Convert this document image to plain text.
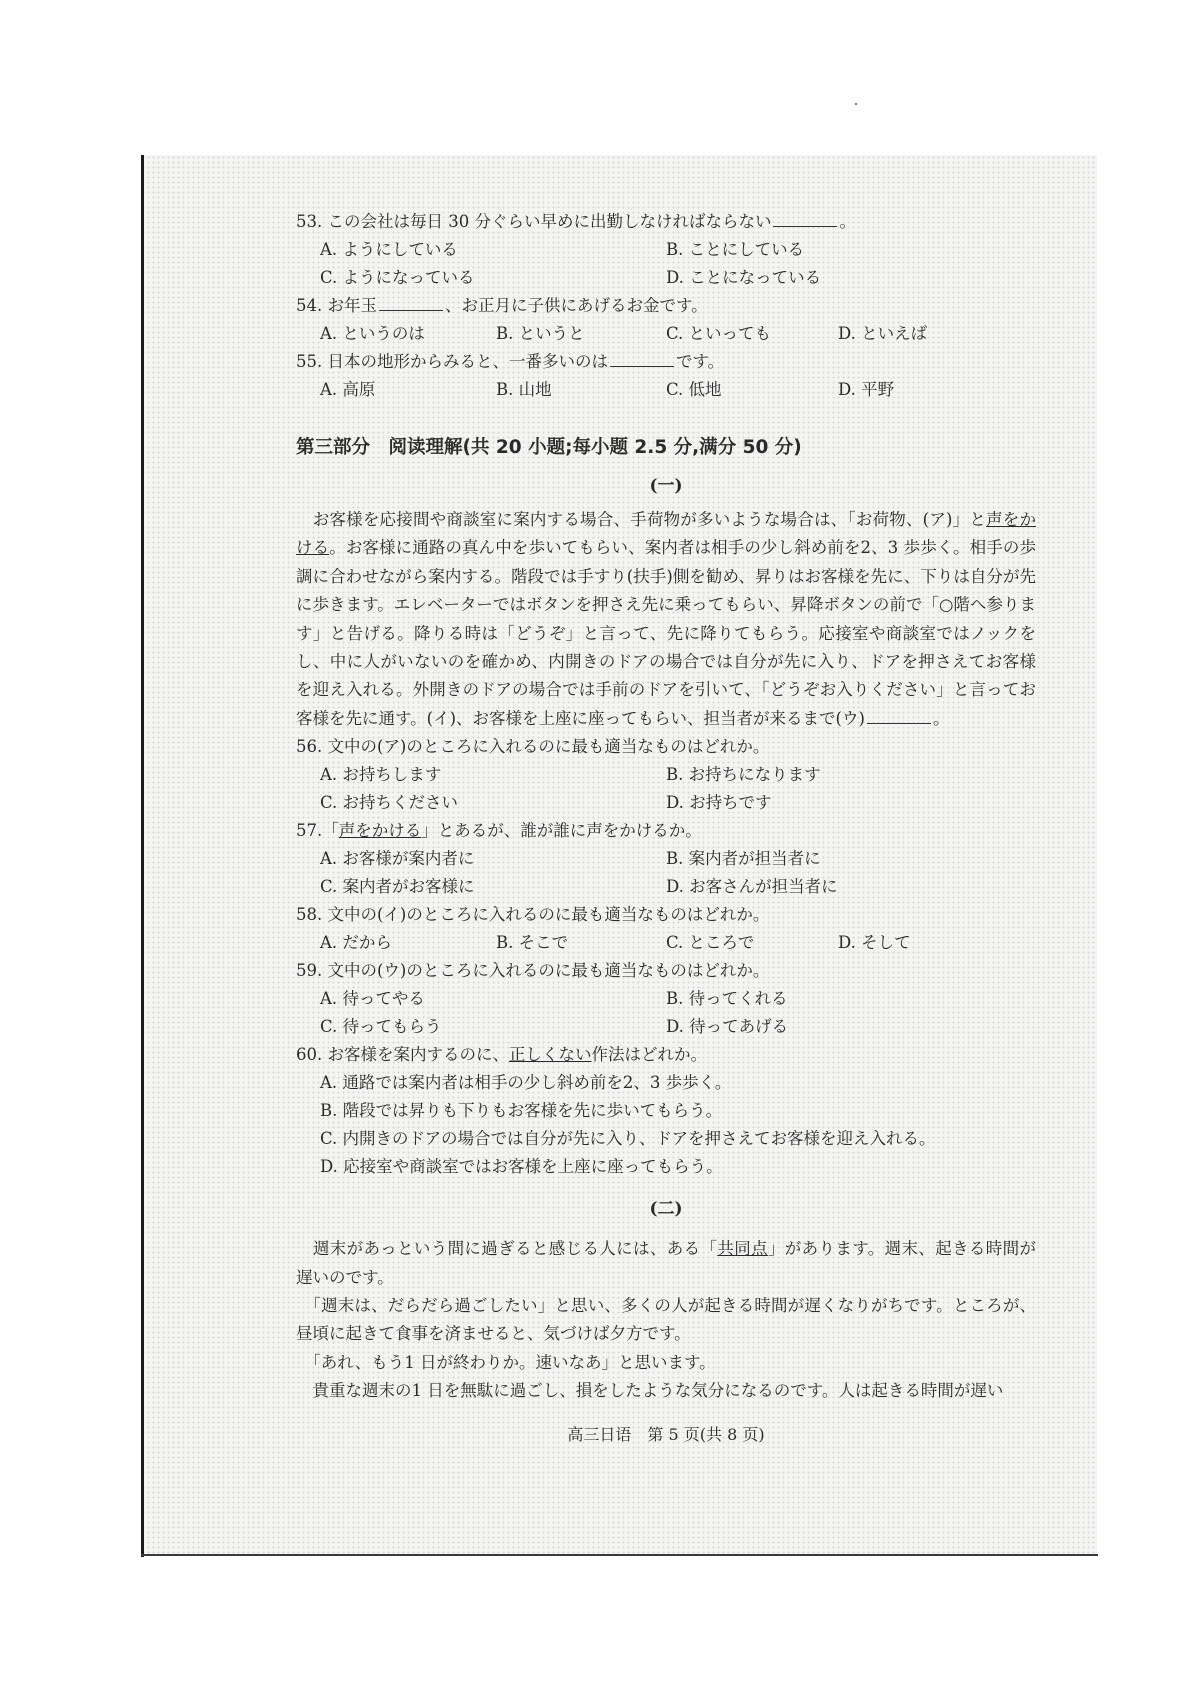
53. この会社は毎日 30 分ぐらい早めに出勤しなければならない	。
A. ようにしている	B. ことにしている
C. ようになっている	D. ことになっている
54. お年玉	、お正月に子供にあげるお金です。
A. というのは	B. というと	C. といっても	D. といえば
55. 日本の地形からみると、一番多いのは	です。
A. 高原	B. 山地	C. 低地	D. 平野
第三部分　阅读理解(共 20 小题;每小题 2.5 分,满分 50 分)
(一)
　お客様を応接間や商談室に案内する場合、手荷物が多いような場合は、「お荷物、(ア)」と声をかける。お客様に通路の真ん中を歩いてもらい、案内者は相手の少し斜め前を2、3 歩歩く。相手の歩調に合わせながら案内する。階段では手すり(扶手)側を勧め、昇りはお客様を先に、下りは自分が先に歩きます。エレベーターではボタンを押さえ先に乗ってもらい、昇降ボタンの前で「○階へ参ります」と告げる。降りる時は「どうぞ」と言って、先に降りてもらう。応接室や商談室ではノックをし、中に人がいないのを確かめ、内開きのドアの場合では自分が先に入り、ドアを押さえてお客様を迎え入れる。外開きのドアの場合では手前のドアを引いて、「どうぞお入りください」と言ってお客様を先に通す。(イ)、お客様を上座に座ってもらい、担当者が来るまで(ウ)	。
56. 文中の(ア)のところに入れるのに最も適当なものはどれか。
A. お持ちします	B. お持ちになります
C. お持ちください	D. お持ちです
57.「声をかける」とあるが、誰が誰に声をかけるか。
A. お客様が案内者に	B. 案内者が担当者に
C. 案内者がお客様に	D. お客さんが担当者に
58. 文中の(イ)のところに入れるのに最も適当なものはどれか。
A. だから	B. そこで	C. ところで	D. そして
59. 文中の(ウ)のところに入れるのに最も適当なものはどれか。
A. 待ってやる	B. 待ってくれる
C. 待ってもらう	D. 待ってあげる
60. お客様を案内するのに、正しくない作法はどれか。
A. 通路では案内者は相手の少し斜め前を2、3 歩歩く。
B. 階段では昇りも下りもお客様を先に歩いてもらう。
C. 内開きのドアの場合では自分が先に入り、ドアを押さえてお客様を迎え入れる。
D. 応接室や商談室ではお客様を上座に座ってもらう。
(二)
　週末があっという間に過ぎると感じる人には、ある「共同点」があります。週末、起きる時間が遅いのです。
　「週末は、だらだら過ごしたい」と思い、多くの人が起きる時間が遅くなりがちです。ところが、昼頃に起きて食事を済ませると、気づけば夕方です。
　「あれ、もう1 日が終わりか。速いなあ」と思います。
　貴重な週末の1 日を無駄に過ごし、損をしたような気分になるのです。人は起きる時間が遅い
高三日语　第 5 页(共 8 页)
